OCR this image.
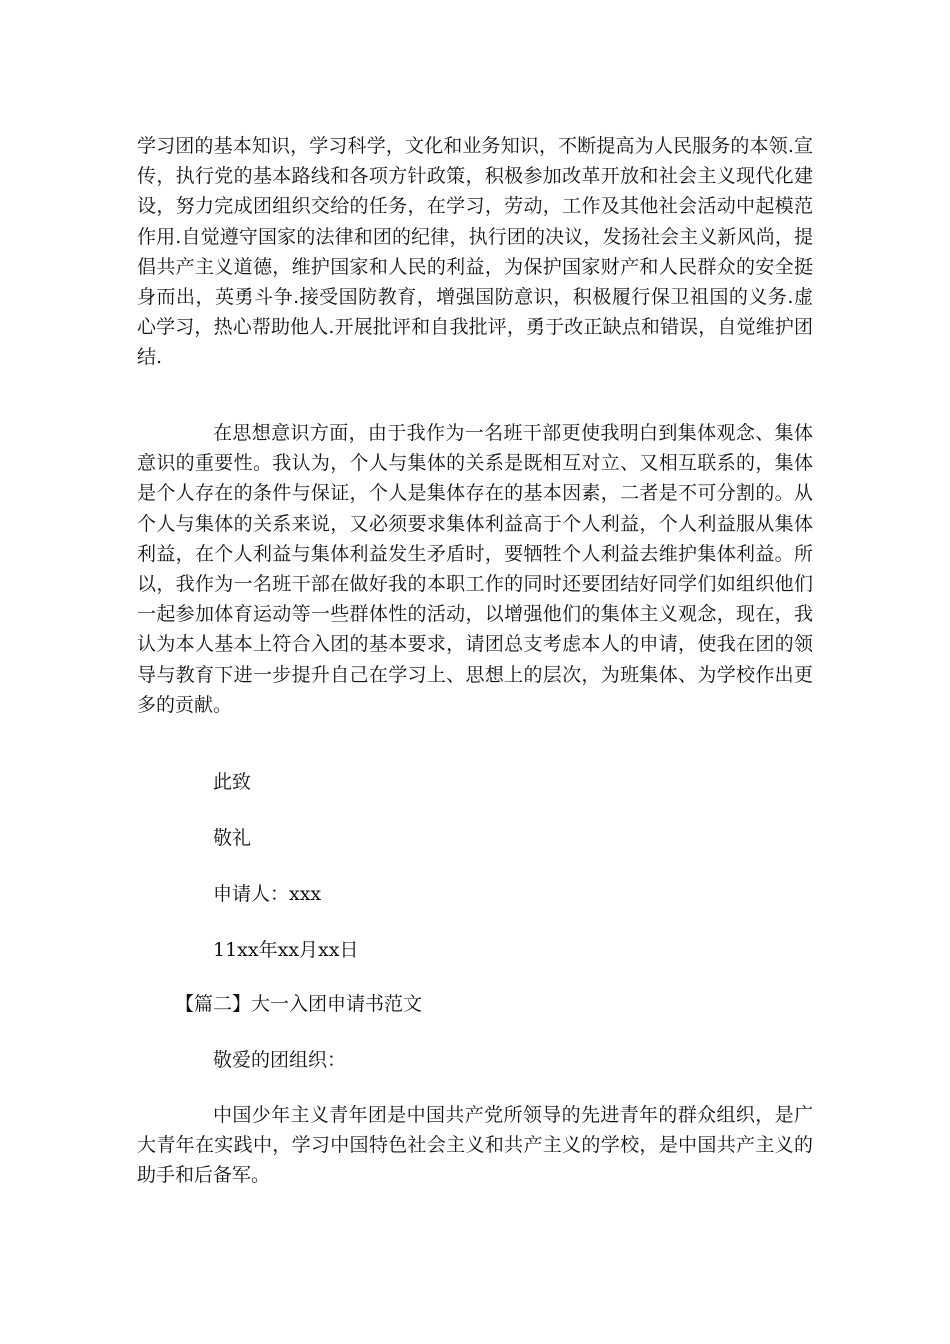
学习团的基本知识，学习科学，文化和业务知识，不断提高为人民服务的本领.宣传，执行党的基本路线和各项方针政策，积极参加改革开放和社会主义现代化建设，努力完成团组织交给的任务，在学习，劳动，工作及其他社会活动中起模范作用.自觉遵守国家的法律和团的纪律，执行团的决议，发扬社会主义新风尚，提倡共产主义道德，维护国家和人民的利益，为保护国家财产和人民群众的安全挺身而出，英勇斗争.接受国防教育，增强国防意识，积极履行保卫祖国的义务.虚心学习，热心帮助他人.开展批评和自我批评，勇于改正缺点和错误，自觉维护团结.

在思想意识方面，由于我作为一名班干部更使我明白到集体观念、集体意识的重要性。我认为，个人与集体的关系是既相互对立、又相互联系的，集体是个人存在的条件与保证，个人是集体存在的基本因素，二者是不可分割的。从个人与集体的关系来说，又必须要求集体利益高于个人利益，个人利益服从集体利益，在个人利益与集体利益发生矛盾时，要牺牲个人利益去维护集体利益。所以，我作为一名班干部在做好我的本职工作的同时还要团结好同学们如组织他们一起参加体育运动等一些群体性的活动，以增强他们的集体主义观念，现在，我认为本人基本上符合入团的基本要求，请团总支考虑本人的申请，使我在团的领导与教育下进一步提升自己在学习上、思想上的层次，为班集体、为学校作出更多的贡献。

此致

敬礼

申请人：xxx

11xx年xx月xx日

【篇二】大一入团申请书范文

敬爱的团组织：

中国少年主义青年团是中国共产党所领导的先进青年的群众组织，是广大青年在实践中，学习中国特色社会主义和共产主义的学校，是中国共产主义的助手和后备军。
